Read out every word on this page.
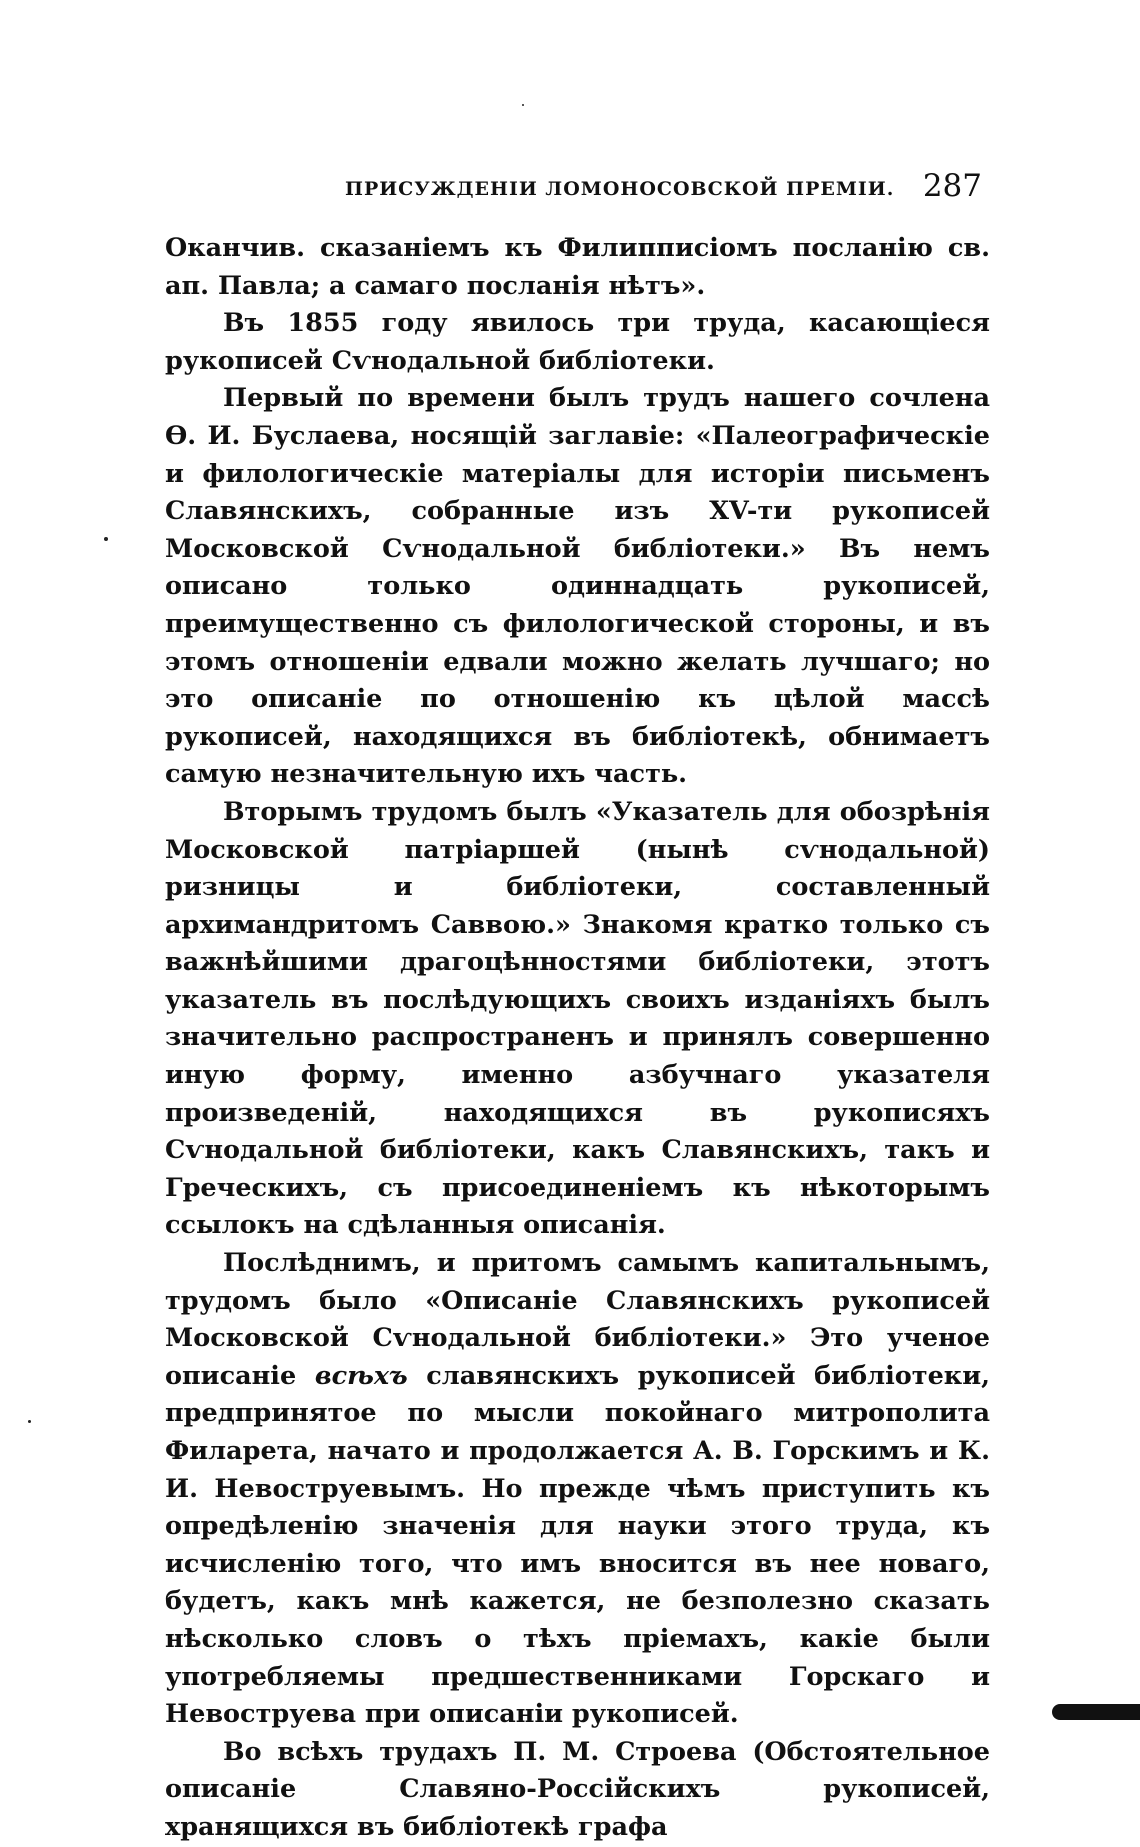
ПРИСУЖДЕНІИ ЛОМОНОСОВСКОЙ ПРЕМІИ. 287

Оканчив. сказаніемъ къ Филипписіомъ посланію св. ап. Павла; а самаго посланія нѣтъ».

Въ 1855 году явилось три труда, касающіеся рукописей Сѵнодальной библіотеки.

Первый по времени былъ трудъ нашего сочлена Ѳ. И. Буслаева, носящій заглавіе: «Палеографическіе и филологическіе матеріалы для исторіи письменъ Славянскихъ, собранные изъ XV-ти рукописей Московской Сѵнодальной библіотеки.» Въ немъ описано только одиннадцать рукописей, преимущественно съ филологической стороны, и въ этомъ отношеніи едвали можно желать лучшаго; но это описаніе по отношенію къ цѣлой массѣ рукописей, находящихся въ библіотекѣ, обнимаетъ самую незначительную ихъ часть.

Вторымъ трудомъ былъ «Указатель для обозрѣнія Московской патріаршей (нынѣ сѵнодальной) ризницы и библіотеки, составленный архимандритомъ Саввою.» Знакомя кратко только съ важнѣйшими драгоцѣнностями библіотеки, этотъ указатель въ послѣдующихъ своихъ изданіяхъ былъ значительно распространенъ и принялъ совершенно иную форму, именно азбучнаго указателя произведеній, находящихся въ рукописяхъ Сѵнодальной библіотеки, какъ Славянскихъ, такъ и Греческихъ, съ присоединеніемъ къ нѣкоторымъ ссылокъ на сдѣланныя описанія.

Послѣднимъ, и притомъ самымъ капитальнымъ, трудомъ было «Описаніе Славянскихъ рукописей Московской Сѵнодальной библіотеки.» Это ученое описаніе всѣхъ славянскихъ рукописей библіотеки, предпринятое по мысли покойнаго митрополита Филарета, начато и продолжается А. В. Горскимъ и К. И. Невоструевымъ. Но прежде чѣмъ приступить къ опредѣленію значенія для науки этого труда, къ исчисленію того, что имъ вносится въ нее новаго, будетъ, какъ мнѣ кажется, не безполезно сказать нѣсколько словъ о тѣхъ пріемахъ, какіе были употребляемы предшественниками Горскаго и Невоструева при описаніи рукописей.

Во всѣхъ трудахъ П. М. Строева (Обстоятельное описаніе Славяно-Россійскихъ рукописей, хранящихся въ библіотекѣ графа
